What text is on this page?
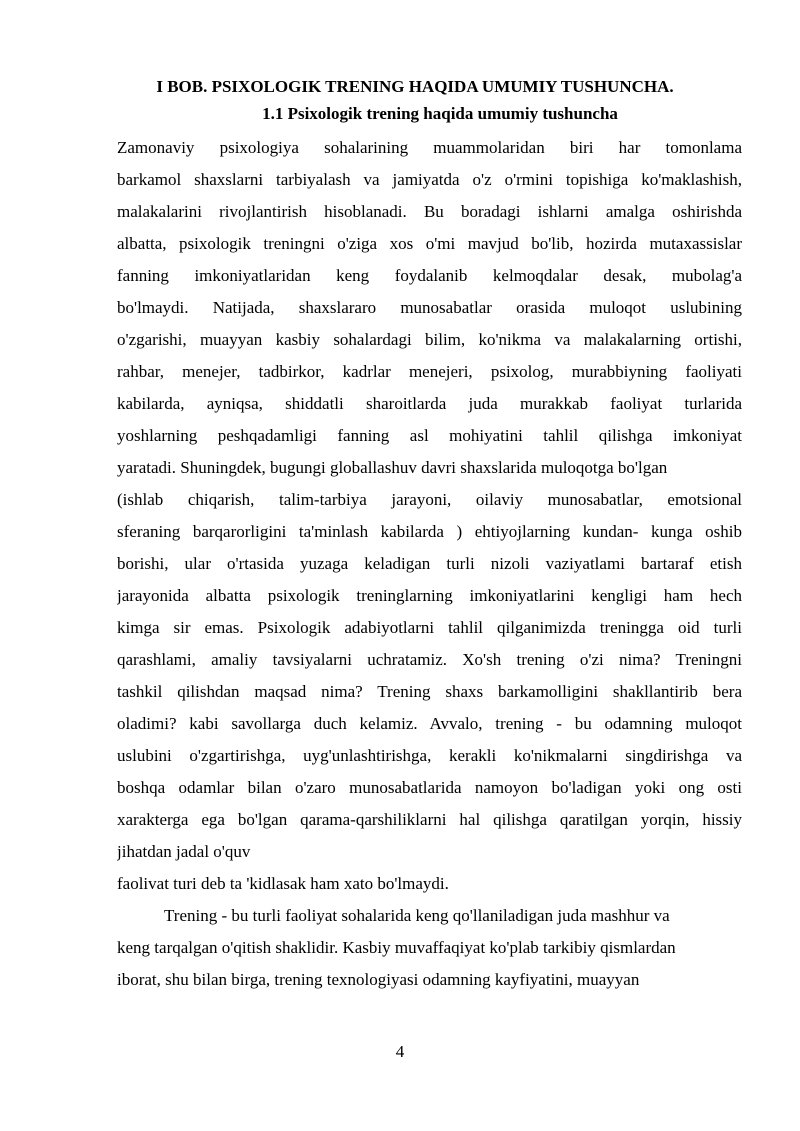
I BOB. PSIXOLOGIK TRENING HAQIDA UMUMIY TUSHUNCHA.
1.1 Psixologik trening haqida umumiy tushuncha
Zamonaviy psixologiya sohalarining muammolaridan biri har tomonlama
barkamol shaxslarni tarbiyalash va jamiyatda o'z o'rmini topishiga ko'maklashish,
malakalarini rivojlantirish hisoblanadi. Bu boradagi ishlarni amalga oshirishda
albatta, psixologik treningni o'ziga xos o'mi mavjud bo'lib, hozirda mutaxassislar
fanning imkoniyatlaridan keng foydalanib kelmoqdalar desak, mubolag'a
bo'lmaydi. Natijada, shaxslararo munosabatlar orasida muloqot uslubining
o'zgarishi, muayyan kasbiy sohalardagi bilim, ko'nikma va malakalarning ortishi,
rahbar, menejer, tadbirkor, kadrlar menejeri, psixolog, murabbiyning faoliyati
kabilarda, ayniqsa, shiddatli sharoitlarda juda murakkab faoliyat turlarida
yoshlarning peshqadamligi fanning asl mohiyatini tahlil qilishga imkoniyat
yaratadi. Shuningdek, bugungi globallashuv davri shaxslarida muloqotga bo'lgan
(ishlab chiqarish, talim-tarbiya jarayoni, oilaviy munosabatlar, emotsional
sferaning barqarorligini ta'minlash kabilarda ) ehtiyojlarning kundan- kunga oshib
borishi, ular o'rtasida yuzaga keladigan turli nizoli vaziyatlami bartaraf etish
jarayonida albatta psixologik treninglarning imkoniyatlarini kengligi ham hech
kimga sir emas. Psixologik adabiyotlarni tahlil qilganimizda treningga oid turli
qarashlami, amaliy tavsiyalarni uchratamiz. Xo'sh trening o'zi nima? Treningni
tashkil qilishdan maqsad nima? Trening shaxs barkamolligini shakllantirib bera
oladimi? kabi savollarga duch kelamiz. Avvalo, trening - bu odamning muloqot
uslubini o'zgartirishga, uyg'unlashtirishga, kerakli ko'nikmalarni singdirishga va
boshqa odamlar bilan o'zaro munosabatlarida namoyon bo'ladigan yoki ong osti
xarakterga ega bo'lgan qarama-qarshiliklarni hal qilishga qaratilgan yorqin, hissiy
jihatdan jadal o'quv
faolivat turi deb ta 'kidlasak ham xato bo'lmaydi.
Trening - bu turli faoliyat sohalarida keng qo'llaniladigan juda mashhur va
keng tarqalgan o'qitish shaklidir. Kasbiy muvaffaqiyat ko'plab tarkibiy qismlardan
iborat, shu bilan birga, trening texnologiyasi odamning kayfiyatini, muayyan
4
